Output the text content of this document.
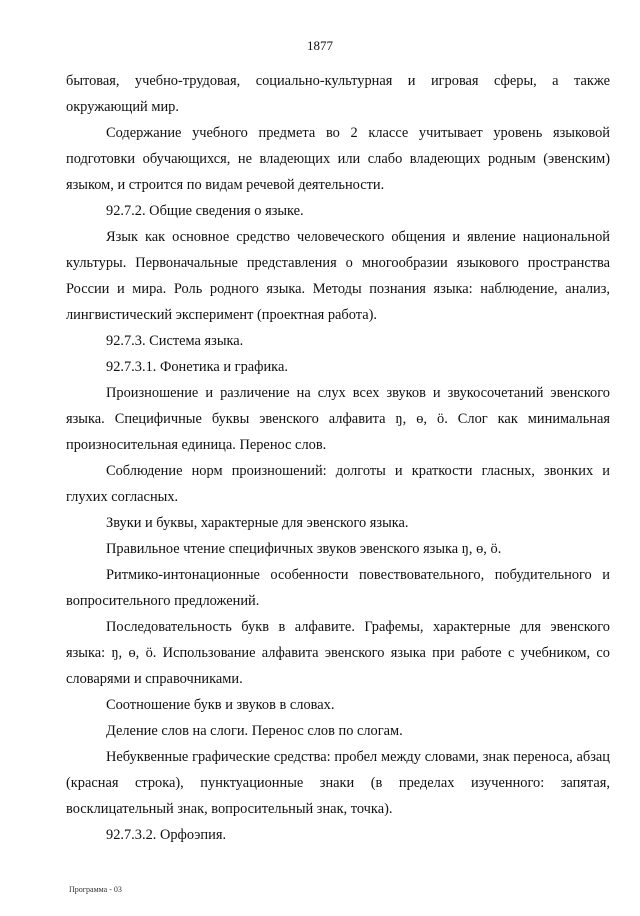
1877

бытовая, учебно-трудовая, социально-культурная и игровая сферы, а также окружающий мир.

Содержание учебного предмета во 2 классе учитывает уровень языковой подготовки обучающихся, не владеющих или слабо владеющих родным (эвенским) языком, и строится по видам речевой деятельности.

92.7.2. Общие сведения о языке.

Язык как основное средство человеческого общения и явление национальной культуры. Первоначальные представления о многообразии языкового пространства России и мира. Роль родного языка. Методы познания языка: наблюдение, анализ, лингвистический эксперимент (проектная работа).

92.7.3. Система языка.

92.7.3.1. Фонетика и графика.

Произношение и различение на слух всех звуков и звукосочетаний эвенского языка. Специфичные буквы эвенского алфавита ŋ, ө, ӧ. Слог как минимальная произносительная единица. Перенос слов.

Соблюдение норм произношений: долготы и краткости гласных, звонких и глухих согласных.

Звуки и буквы, характерные для эвенского языка.

Правильное чтение специфичных звуков эвенского языка ŋ, ө, ӧ.

Ритмико-интонационные особенности повествовательного, побудительного и вопросительного предложений.

Последовательность букв в алфавите. Графемы, характерные для эвенского языка: ŋ, ө, ӧ. Использование алфавита эвенского языка при работе с учебником, со словарями и справочниками.

Соотношение букв и звуков в словах.

Деление слов на слоги. Перенос слов по слогам.

Небуквенные графические средства: пробел между словами, знак переноса, абзац (красная строка), пунктуационные знаки (в пределах изученного: запятая, восклицательный знак, вопросительный знак, точка).

92.7.3.2. Орфоэпия.

Программа - 03
